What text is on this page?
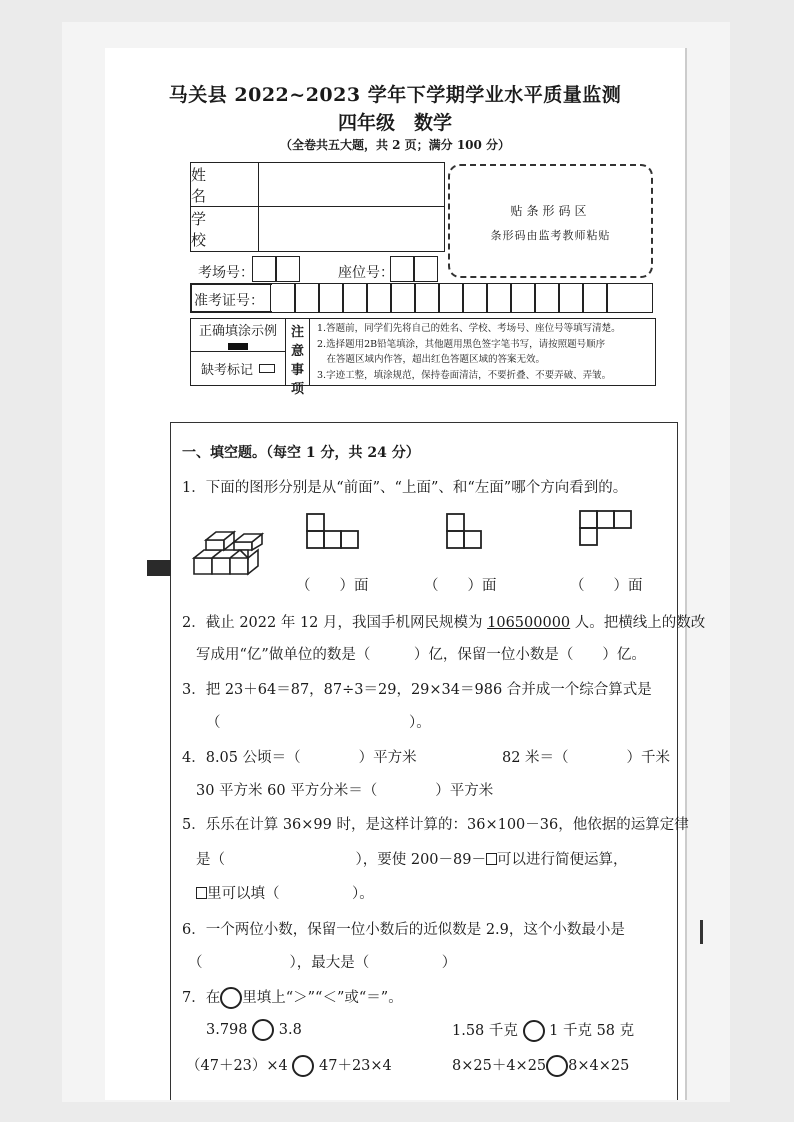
马关县 2022~2023 学年下学期学业水平质量监测
四年级　数学
（全卷共五大题，共 2 页；满分 100 分）
姓　名
学　校
考场号：	座位号：
贴条形码区
条形码由监考教师粘贴
准考证号：
正确填涂示例
缺考标记
注
意
事
项
1.答题前，同学们先将自己的姓名、学校、考场号、座位号等填写清楚。
2.选择题用2B铅笔填涂，其他题用黑色签字笔书写，请按照题号顺序
　在答题区域内作答，超出红色答题区域的答案无效。
3.字迹工整，填涂规范，保持卷面清洁，不要折叠、不要弄破、弄皱。
一、填空题。（每空 1 分，共 24 分）
1．下面的图形分别是从“前面”、“上面”、和“左面”哪个方向看到的。
（　　）面	（　　）面	（　　）面
2．截止 2022 年 12 月，我国手机网民规模为 106500000 人。把横线上的数改
写成用“亿”做单位的数是（　　　）亿，保留一位小数是（　　）亿。
3．把 23＋64＝87，87÷3＝29，29×34＝986 合并成一个综合算式是
（　　　　　　　　　　　　　）。
4．8.05 公顷＝（　　　　）平方米	82 米＝（　　　　）千米
30 平方米 60 平方分米＝（　　　　）平方米
5．乐乐在计算 36×99 时，是这样计算的：36×100－36，他依据的运算定律
是（　　　　　　　　　），要使 200－89－ 可以进行简便运算，
里可以填（　　　　　）。
6．一个两位小数，保留一位小数后的近似数是 2.9，这个小数最小是
（　　　　　　），最大是（　　　　　）
7．在 里填上“＞”“＜”或“＝”。
3.798 3.8	1.58 千克 1 千克 58 克
（47＋23）×4 47＋23×4	8×25＋4×25 8×4×25
